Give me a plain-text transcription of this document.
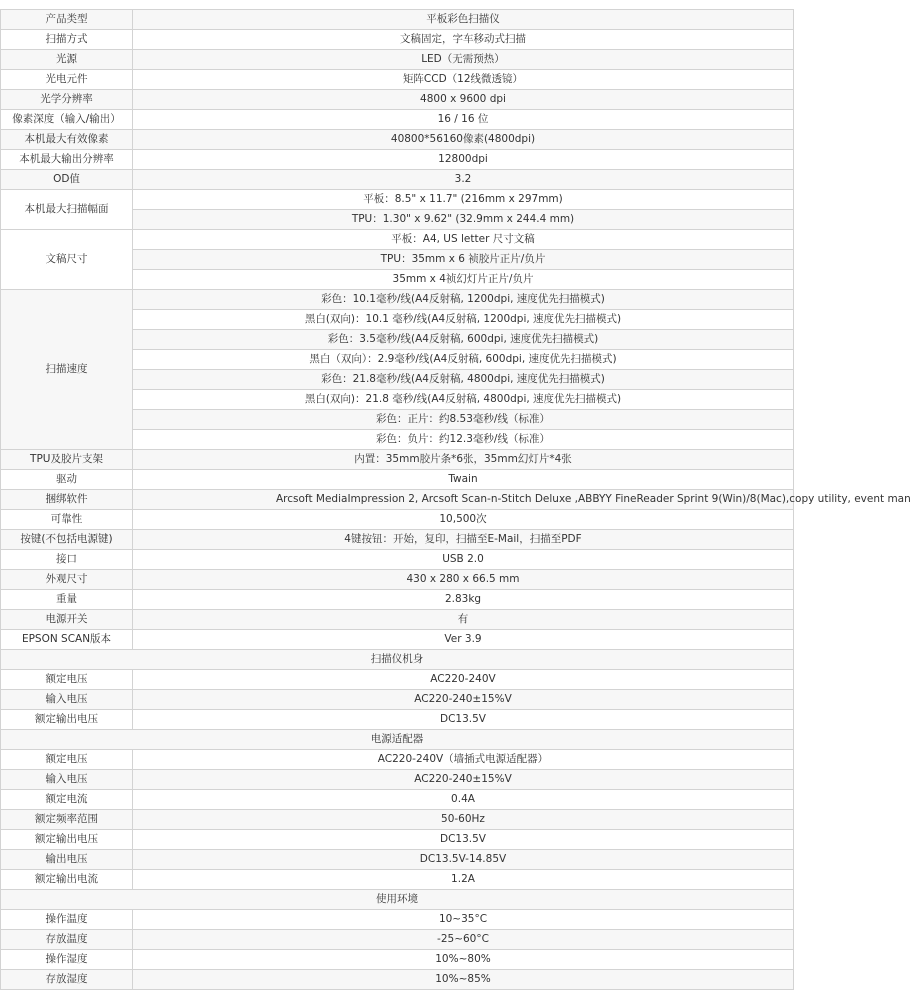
产品类型	平板彩色扫描仪
扫描方式	文稿固定，字车移动式扫描
光源	LED（无需预热）
光电元件	矩阵CCD（12线微透镜）
光学分辨率	4800 x 9600 dpi
像素深度（输入/输出）	16 / 16 位
本机最大有效像素	40800*56160像素(4800dpi)
本机最大输出分辨率	12800dpi
OD值	3.2
本机最大扫描幅面	平板：8.5" x 11.7" (216mm x 297mm)
	TPU：1.30" x 9.62" (32.9mm x 244.4 mm)
文稿尺寸	平板：A4, US letter 尺寸文稿
	TPU：35mm x 6 祯胶片正片/负片
	35mm x 4祯幻灯片正片/负片
扫描速度	彩色：10.1毫秒/线(A4反射稿, 1200dpi, 速度优先扫描模式)
	黑白(双向)：10.1 毫秒/线(A4反射稿, 1200dpi, 速度优先扫描模式)
	彩色：3.5毫秒/线(A4反射稿, 600dpi, 速度优先扫描模式)
	黑白（双向）：2.9毫秒/线(A4反射稿, 600dpi, 速度优先扫描模式)
	彩色：21.8毫秒/线(A4反射稿, 4800dpi, 速度优先扫描模式)
	黑白(双向)：21.8 毫秒/线(A4反射稿, 4800dpi, 速度优先扫描模式)
	彩色：正片：约8.53毫秒/线（标准）
	彩色：负片：约12.3毫秒/线（标准）
TPU及胶片支架	内置：35mm胶片条*6张，35mm幻灯片*4张
驱动	Twain
捆绑软件	Arcsoft MediaImpression 2, Arcsoft Scan-n-Stitch Deluxe ,ABBYY FineReader Sprint 9(Win)/8(Mac),copy utility, event man
可靠性	10,500次
按键(不包括电源键)	4键按钮：开始，复印，扫描至E-Mail，扫描至PDF
接口	USB 2.0
外观尺寸	430 x 280 x 66.5 mm
重量	2.83kg
电源开关	有
EPSON SCAN版本	Ver 3.9
扫描仪机身	
额定电压	AC220-240V
输入电压	AC220-240±15%V
额定输出电压	DC13.5V
电源适配器	
额定电压	AC220-240V（墙插式电源适配器）
输入电压	AC220-240±15%V
额定电流	0.4A
额定频率范围	50-60Hz
额定输出电压	DC13.5V
输出电压	DC13.5V-14.85V
额定输出电流	1.2A
使用环境	
操作温度	10~35°C
存放温度	-25~60°C
操作湿度	10%~80%
存放湿度	10%~85%
